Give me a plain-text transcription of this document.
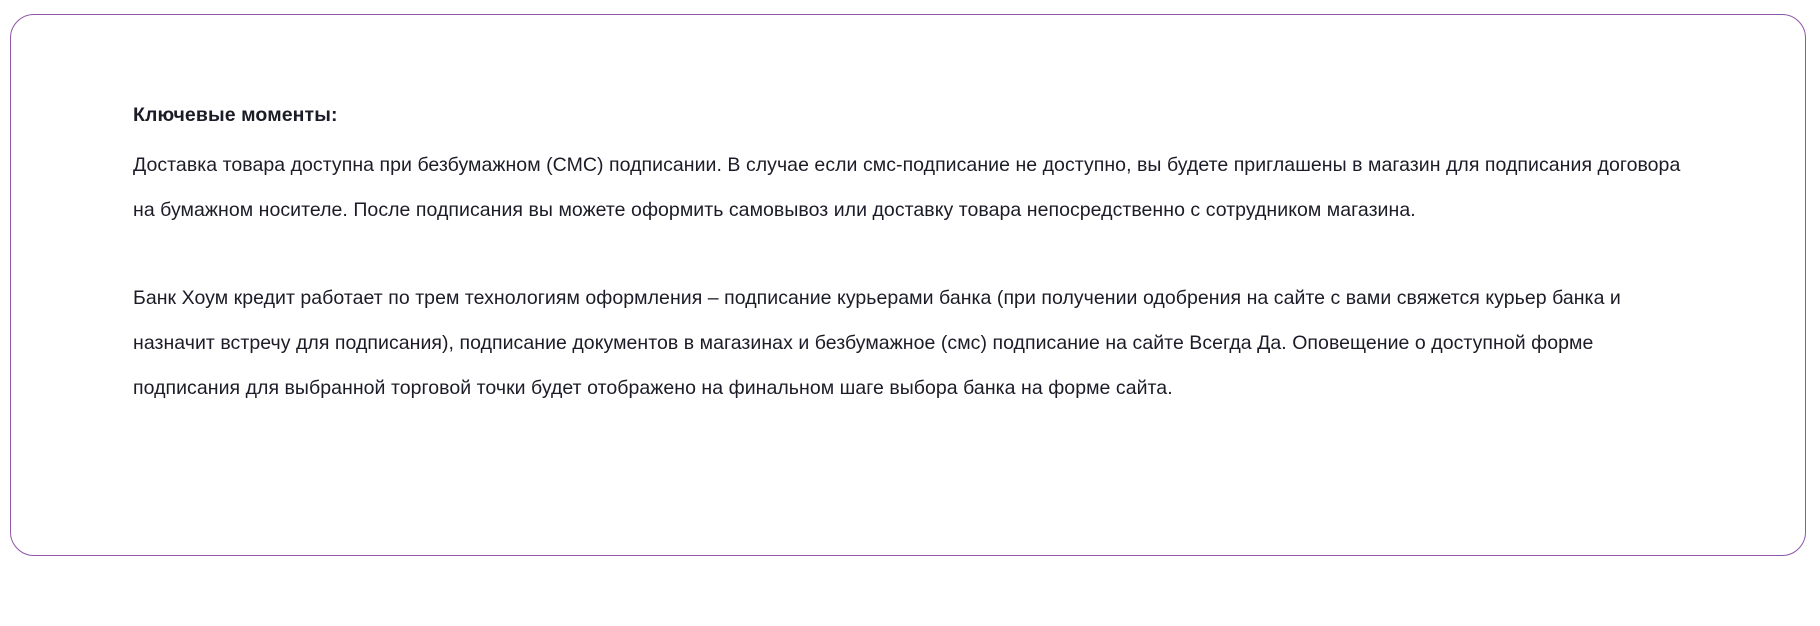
Ключевые моменты:

Доставка товара доступна при безбумажном (СМС) подписании. В случае если смс-подписание не доступно, вы будете приглашены в магазин для подписания договора на бумажном носителе. После подписания вы можете оформить самовывоз или доставку товара непосредственно с сотрудником магазина.

Банк Хоум кредит работает по трем технологиям оформления – подписание курьерами банка (при получении одобрения на сайте с вами свяжется курьер банка и назначит встречу для подписания), подписание документов в магазинах и безбумажное (смс) подписание на сайте Всегда Да. Оповещение о доступной форме подписания для выбранной торговой точки будет отображено на финальном шаге выбора банка на форме сайта.
